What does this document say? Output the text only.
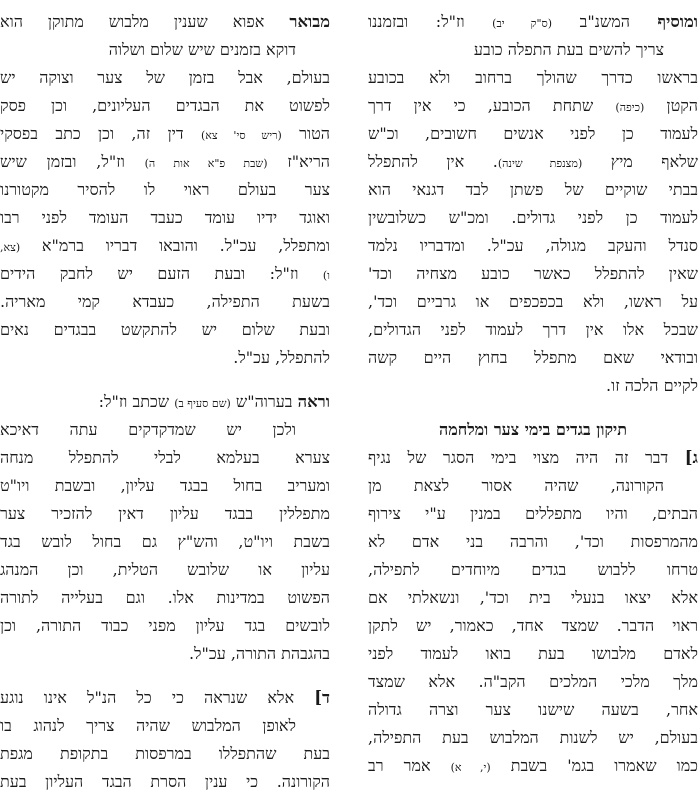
ומוסיף המשנ"ב (ס"ק יב) וז"ל: ובזמננו
צריך להשים בעת התפלה כובע
בראשו כדרך שהולך ברחוב ולא בכובע
הקטן (כיפה) שתחת הכובע, כי אין דרך
לעמוד כן לפני אנשים חשובים, וכ"ש
שלאף מיץ (מצנפת שינה). אין להתפלל
בבתי שוקיים של פשתן לבד דגנאי הוא
לעמוד כן לפני גדולים. ומכ"ש כשלובשין
סנדל והעקב מגולה, עכ"ל. ומדבריו נלמד
שאין להתפלל כאשר כובע מצחיה וכד'
על ראשו, ולא בכפכפים או גרביים וכד',
שבכל אלו אין דרך לעמוד לפני הגדולים,
ובודאי שאם מתפלל בחוץ היים קשה
לקיים הלכה זו.
תיקון בגדים בימי צער ומלחמה
ג] דבר זה היה מצוי בימי הסגר של נגיף
הקורונה, שהיה אסור לצאת מן
הבתים, והיו מתפללים במנין ע"י צירוף
מהמרפסות וכד', והרבה בני אדם לא
טרחו ללבוש בגדים מיוחדים לתפילה,
אלא יצאו בנעלי בית וכד', ונשאלתי אם
ראוי הדבר. שמצד אחד, כאמור, יש לתקן
לאדם מלבושו בעת בואו לעמוד לפני
מלך מלכי המלכים הקב"ה. אלא שמצד
אחר, בשעה שישנו צער וצרה גדולה
בעולם, יש לשנות המלבוש בעת התפילה,
כמו שאמרו בגמ' בשבת (י, א) אמר רב
מבואר אפוא שענין מלבוש מתוקן הוא
דוקא בזמנים שיש שלום ושלוה
בעולם, אבל בזמן של צער וצוקה יש
לפשוט את הבגדים העליונים, וכן פסק
הטור (ריש סי' צא) דין זה, וכן כתב בפסקי
הריא"ז (שבת פ"א אות ה) וז"ל, ובזמן שיש
צער בעולם ראוי לו להסיר מקטורנו
ואוגד ידיו עומד כעבד העומד לפני רבו
ומתפלל, עכ"ל. והובאו דבריו ברמ"א (צא,
ו) וז"ל: ובעת הזעם יש לחבק הידים
בשעת התפילה, כעבדא קמי מאריה.
ובעת שלום יש להתקשט בבגדים נאים
להתפלל, עכ"ל.
וראה בערוה"ש (שם סעיף ב) שכתב וז"ל:
ולכן יש שמדקדקים עתה דאיכא
צערא בעלמא לבלי להתפלל מנחה
ומעריב בחול בבגד עליון, ובשבת ויו"ט
מתפללין בבגד עליון דאין להזכיר צער
בשבת ויו"ט, והש"ץ גם בחול לובש בגד
עליון או שלובש הטלית, וכן המנהג
הפשוט במדינות אלו. וגם בעלייה לתורה
לובשים בגד עליון מפני כבוד התורה, וכן
בהגבהת התורה, עכ"ל.
ד] אלא שנראה כי כל הנ"ל אינו נוגע
לאופן המלבוש שהיה צריך לנהוג בו
בעת שהתפללו במרפסות בתקופת מגפת
הקורונה. כי ענין הסרת הבגד העליון בעת
